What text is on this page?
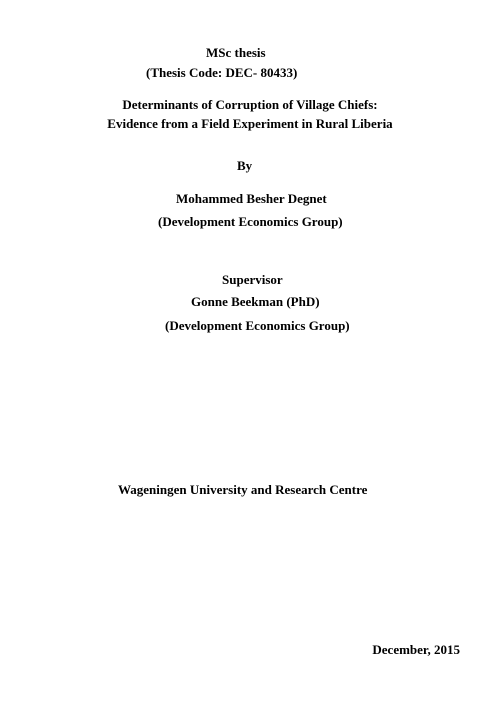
MSc thesis

(Thesis Code: DEC- 80433)

Determinants of Corruption of Village Chiefs:

Evidence from a Field Experiment in Rural Liberia

By

Mohammed Besher Degnet

(Development Economics Group)

Supervisor

Gonne Beekman (PhD)

(Development Economics Group)

Wageningen University and Research Centre

December, 2015
